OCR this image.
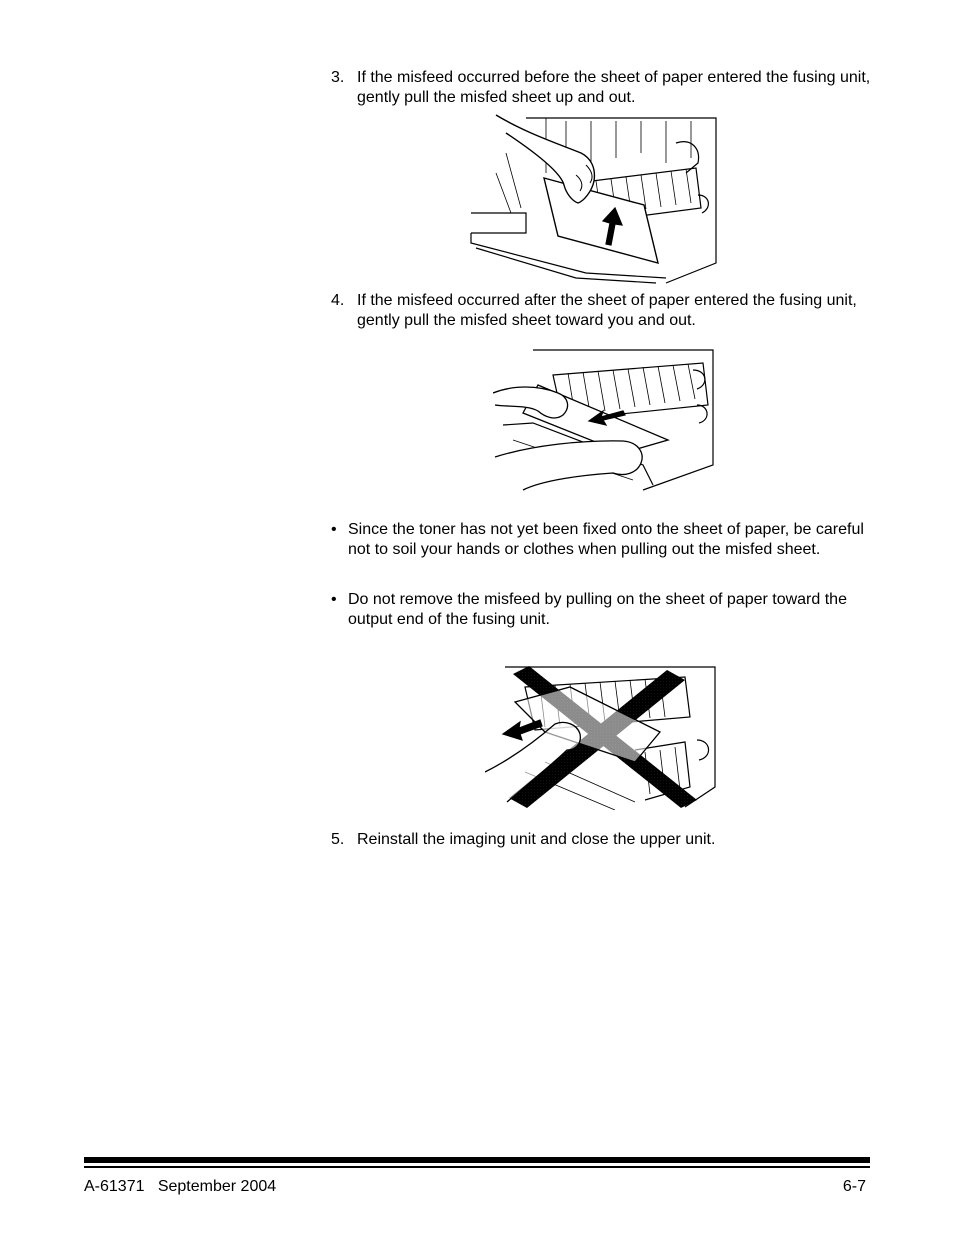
3. If the misfeed occurred before the sheet of paper entered the fusing unit, gently pull the misfed sheet up and out.
4. If the misfeed occurred after the sheet of paper entered the fusing unit, gently pull the misfed sheet toward you and out.
• Since the toner has not yet been fixed onto the sheet of paper, be careful not to soil your hands or clothes when pulling out the misfed sheet.
• Do not remove the misfeed by pulling on the sheet of paper toward the output end of the fusing unit.
5. Reinstall the imaging unit and close the upper unit.
A-61371   September 2004	6-7
